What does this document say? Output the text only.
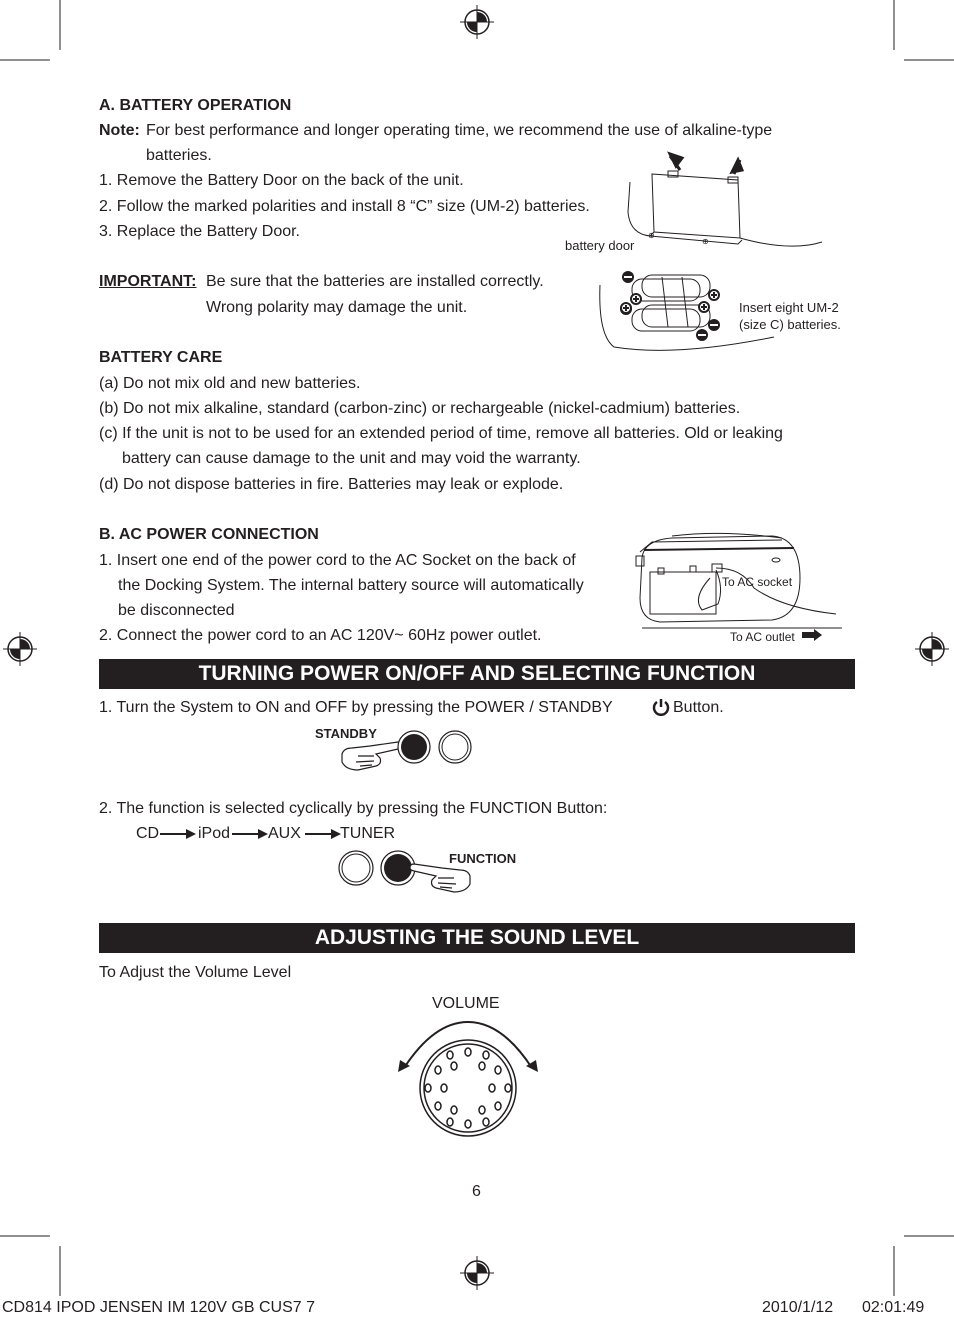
A. BATTERY OPERATION
Note: For best performance and longer operating time, we recommend the use of alkaline-type
batteries.
1. Remove the Battery Door on the back of the unit.
2. Follow the marked polarities and install 8 “C” size (UM-2) batteries.
3. Replace the Battery Door.
IMPORTANT: Be sure that the batteries are installed correctly.
Wrong polarity may damage the unit.
⊕
⊕
battery door
Insert eight UM-2
(size C) batteries.
BATTERY CARE
(a) Do not mix old and new batteries.
(b) Do not mix alkaline, standard (carbon-zinc) or rechargeable (nickel-cadmium) batteries.
(c) If the unit is not to be used for an extended period of time, remove all batteries. Old or leaking
battery can cause damage to the unit and may void the warranty.
(d) Do not dispose batteries in fire. Batteries may leak or explode.
B. AC POWER CONNECTION
1. Insert one end of the power cord to the AC Socket on the back of
the Docking System. The internal battery source will automatically
be disconnected
2. Connect the power cord to an AC 120V~ 60Hz power outlet.
To AC socket
To AC outlet
TURNING POWER ON/OFF AND SELECTING FUNCTION
1. Turn the System to ON and OFF by pressing the POWER / STANDBY	Button.
STANDBY
2. The function is selected cyclically by pressing the FUNCTION Button:
CD iPod AUX TUNER
FUNCTION
ADJUSTING THE SOUND LEVEL
To Adjust the Volume Level
VOLUME
6
CD814 IPOD JENSEN IM 120V GB CUS7 7	2010/1/12 02:01:49
